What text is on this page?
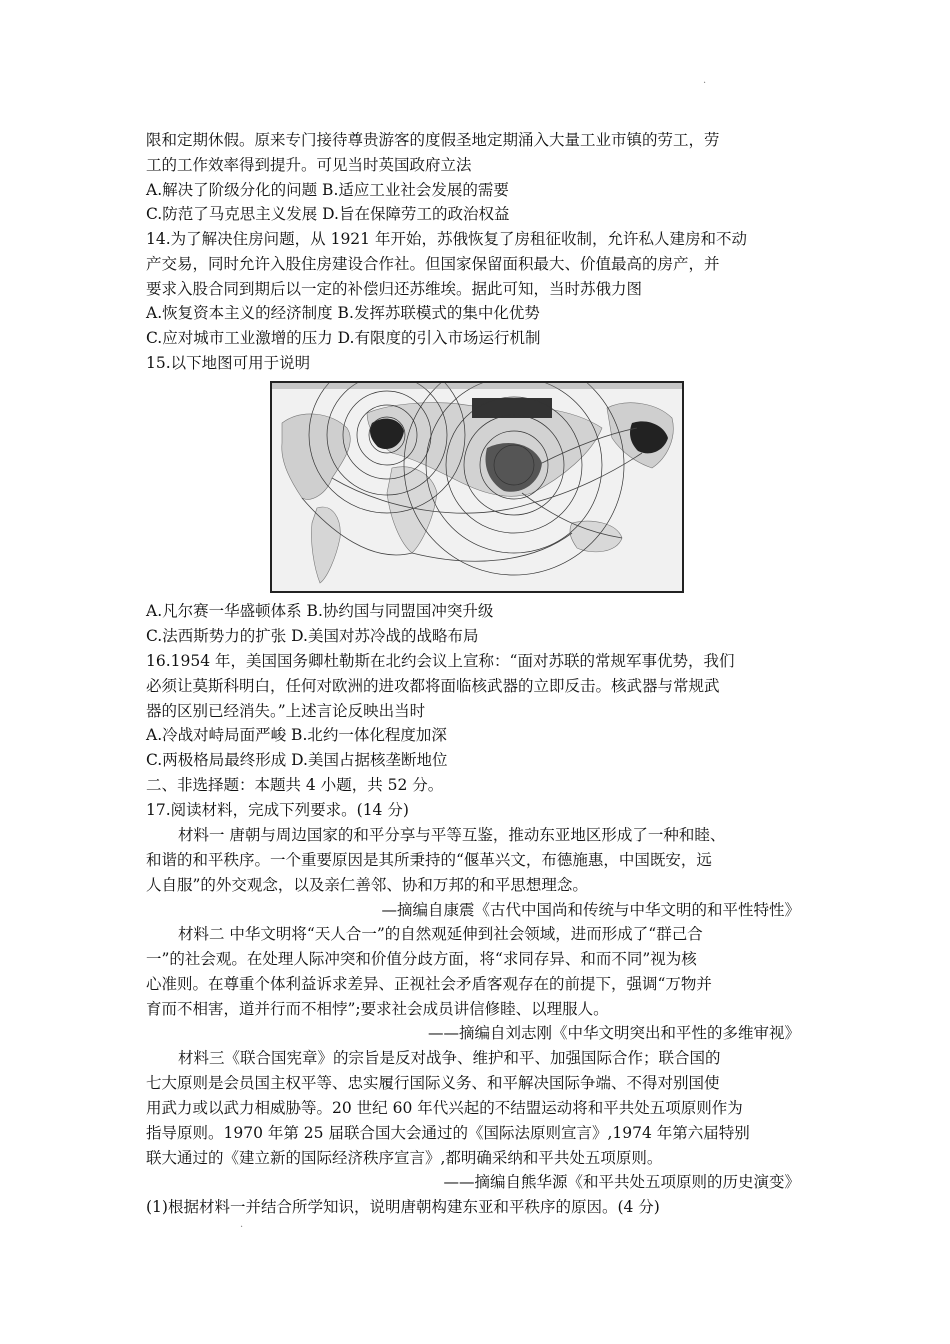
·
限和定期休假。原来专门接待尊贵游客的度假圣地定期涌入大量工业市镇的劳工，劳
工的工作效率得到提升。可见当时英国政府立法
A.解决了阶级分化的问题 B.适应工业社会发展的需要
C.防范了马克思主义发展 D.旨在保障劳工的政治权益
14.为了解决住房问题，从 1921 年开始，苏俄恢复了房租征收制，允许私人建房和不动
产交易，同时允许入股住房建设合作社。但国家保留面积最大、价值最高的房产，并
要求入股合同到期后以一定的补偿归还苏维埃。据此可知，当时苏俄力图
A.恢复资本主义的经济制度 B.发挥苏联模式的集中化优势
C.应对城市工业激增的压力 D.有限度的引入市场运行机制
15.以下地图可用于说明
A.凡尔赛一华盛顿体系 B.协约国与同盟国冲突升级
C.法西斯势力的扩张 D.美国对苏冷战的战略布局
16.1954 年，美国国务卿杜勒斯在北约会议上宣称：“面对苏联的常规军事优势，我们
必须让莫斯科明白，任何对欧洲的进攻都将面临核武器的立即反击。核武器与常规武
器的区别已经消失。”上述言论反映出当时
A.冷战对峙局面严峻 B.北约一体化程度加深
C.两极格局最终形成 D.美国占据核垄断地位
二、非选择题：本题共 4 小题，共 52 分。
17.阅读材料，完成下列要求。(14 分)
材料一 唐朝与周边国家的和平分享与平等互鉴，推动东亚地区形成了一种和睦、
和谐的和平秩序。一个重要原因是其所秉持的“偃革兴文，布德施惠，中国既安，远
人自服”的外交观念，以及亲仁善邻、协和万邦的和平思想理念。
—摘编自康震《古代中国尚和传统与中华文明的和平性特性》
材料二 中华文明将“天人合一”的自然观延伸到社会领域，进而形成了“群己合
一”的社会观。在处理人际冲突和价值分歧方面，将“求同存异、和而不同”视为核
心准则。在尊重个体利益诉求差异、正视社会矛盾客观存在的前提下，强调“万物并
育而不相害，道并行而不相悖”;要求社会成员讲信修睦、以理服人。
——摘编自刘志刚《中华文明突出和平性的多维审视》
材料三《联合国宪章》的宗旨是反对战争、维护和平、加强国际合作；联合国的
七大原则是会员国主权平等、忠实履行国际义务、和平解决国际争端、不得对别国使
用武力或以武力相威胁等。20 世纪 60 年代兴起的不结盟运动将和平共处五项原则作为
指导原则。1970 年第 25 届联合国大会通过的《国际法原则宣言》,1974 年第六届特别
联大通过的《建立新的国际经济秩序宣言》,都明确采纳和平共处五项原则。
——摘编自熊华源《和平共处五项原则的历史演变》
(1)根据材料一并结合所学知识，说明唐朝构建东亚和平秩序的原因。(4 分)
·
